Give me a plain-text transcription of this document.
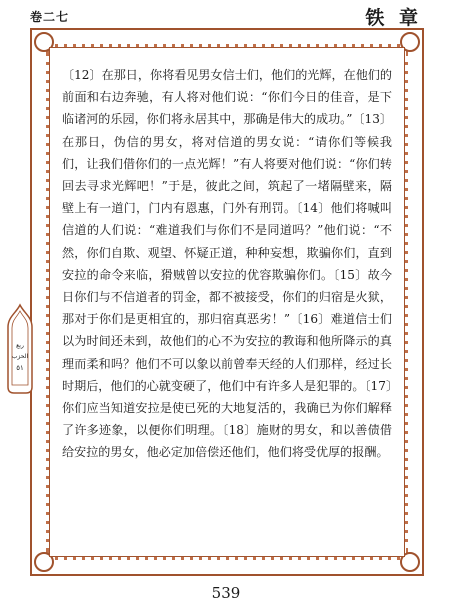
卷二七	铁 章

〔12〕在那日，你将看见男女信士们，他们的光辉，在他们的前面和右边奔驰，有人将对他们说：“你们今日的佳音，是下临诸河的乐园，你们将永居其中，那确是伟大的成功。”〔13〕在那日，伪信的男女，将对信道的男女说：“请你们等候我们，让我们借你们的一点光辉！”有人将要对他们说：“你们转回去寻求光辉吧！”于是，彼此之间，筑起了一堵隔壁来，隔壁上有一道门，门内有恩惠，门外有刑罚。〔14〕他们将喊叫信道的人们说：“难道我们与你们不是同道吗？”他们说：“不然，你们自欺、观望、怀疑正道，种种妄想，欺骗你们，直到安拉的命令来临，猾贼曾以安拉的优容欺骗你们。〔15〕故今日你们与不信道者的罚金，都不被接受，你们的归宿是火狱，那对于你们是更相宜的，那归宿真恶劣！”〔16〕难道信士们以为时间还未到，故他们的心不为安拉的教诲和他所降示的真理而柔和吗？他们不可以象以前曾奉天经的人们那样，经过长时期后，他们的心就变硬了，他们中有许多人是犯罪的。〔17〕你们应当知道安拉是使已死的大地复活的，我确已为你们解释了许多迹象，以便你们明理。〔18〕施财的男女，和以善债借给安拉的男女，他必定加倍偿还他们，他们将受优厚的报酬。

ربع
الحزب
٥١
539
